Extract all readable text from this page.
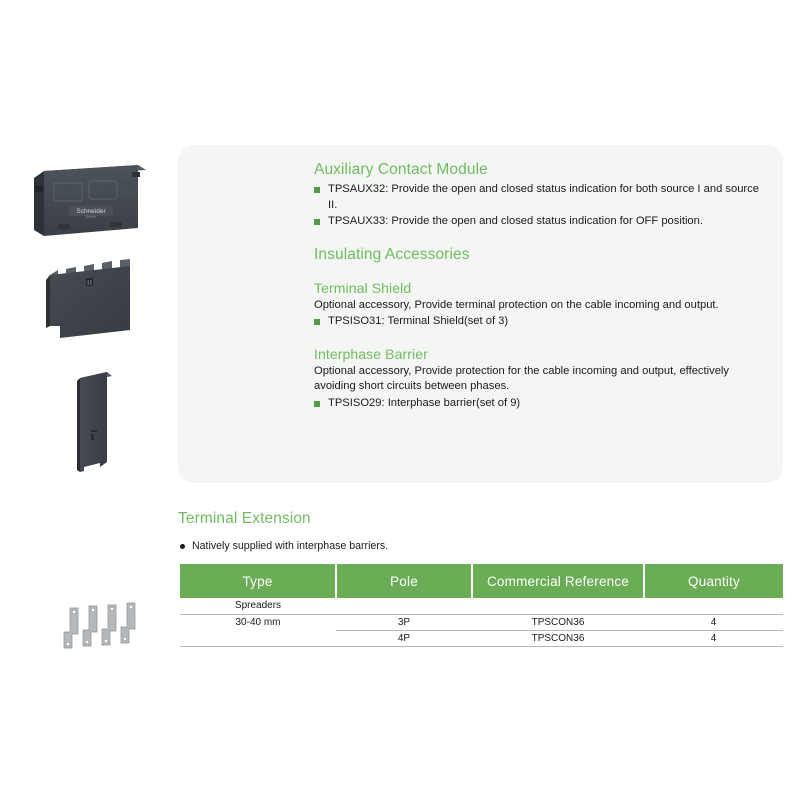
Schneider
Electric
Auxiliary Contact Module
TPSAUX32: Provide the open and closed status indication for both source I and source II.
TPSAUX33: Provide the open and closed status indication for OFF position.
Insulating Accessories
Terminal Shield

Optional accessory, Provide terminal protection on the cable incoming and output.

TPSISO31: Terminal Shield(set of 3)
Interphase Barrier

Optional accessory, Provide protection for the cable incoming and output, effectively avoiding short circuits between phases.

TPSISO29: Interphase barrier(set of 9)
Terminal Extension
Natively supplied with interphase barriers.
Type	Pole	Commercial Reference	Quantity
Spreaders			
30-40 mm	3P	TPSCON36	4
	4P	TPSCON36	4
